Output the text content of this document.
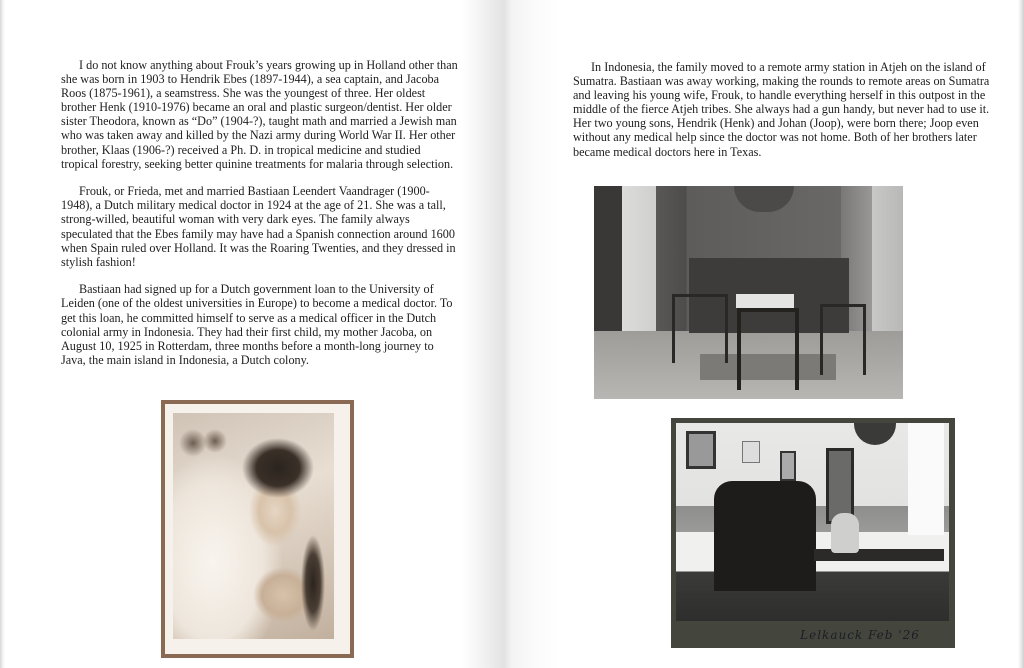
I do not know anything about Frouk’s years growing up in Holland other than she was born in 1903 to Hendrik Ebes (1897-1944), a sea captain, and Jacoba Roos (1875-1961), a seamstress. She was the youngest of three. Her oldest brother Henk (1910-1976) became an oral and plastic surgeon/dentist. Her older sister Theodora, known as “Do” (1904-?), taught math and married a Jewish man who was taken away and killed by the Nazi army during World War II. Her other brother, Klaas (1906-?) received a Ph. D. in tropical medicine and studied tropical forestry, seeking better quinine treatments for malaria through selection.

Frouk, or Frieda, met and married Bastiaan Leendert Vaandrager (1900-1948), a Dutch military medical doctor in 1924 at the age of 21. She was a tall, strong-willed, beautiful woman with very dark eyes. The family always speculated that the Ebes family may have had a Spanish connection around 1600 when Spain ruled over Holland. It was the Roaring Twenties, and they dressed in stylish fashion!

Bastiaan had signed up for a Dutch government loan to the University of Leiden (one of the oldest universities in Europe) to become a medical doctor. To get this loan, he committed himself to serve as a medical officer in the Dutch colonial army in Indonesia. They had their first child, my mother Jacoba, on August 10, 1925 in Rotterdam, three months before a month-long journey to Java, the main island in Indonesia, a Dutch colony.

In Indonesia, the family moved to a remote army station in Atjeh on the island of Sumatra. Bastiaan was away working, making the rounds to remote areas on Sumatra and leaving his young wife, Frouk, to handle everything herself in this outpost in the middle of the fierce Atjeh tribes. She always had a gun handy, but never had to use it. Her two young sons, Hendrik (Henk) and Johan (Joop), were born there; Joop even without any medical help since the doctor was not home. Both of her brothers later became medical doctors here in Texas.

Lelkauck Feb '26
